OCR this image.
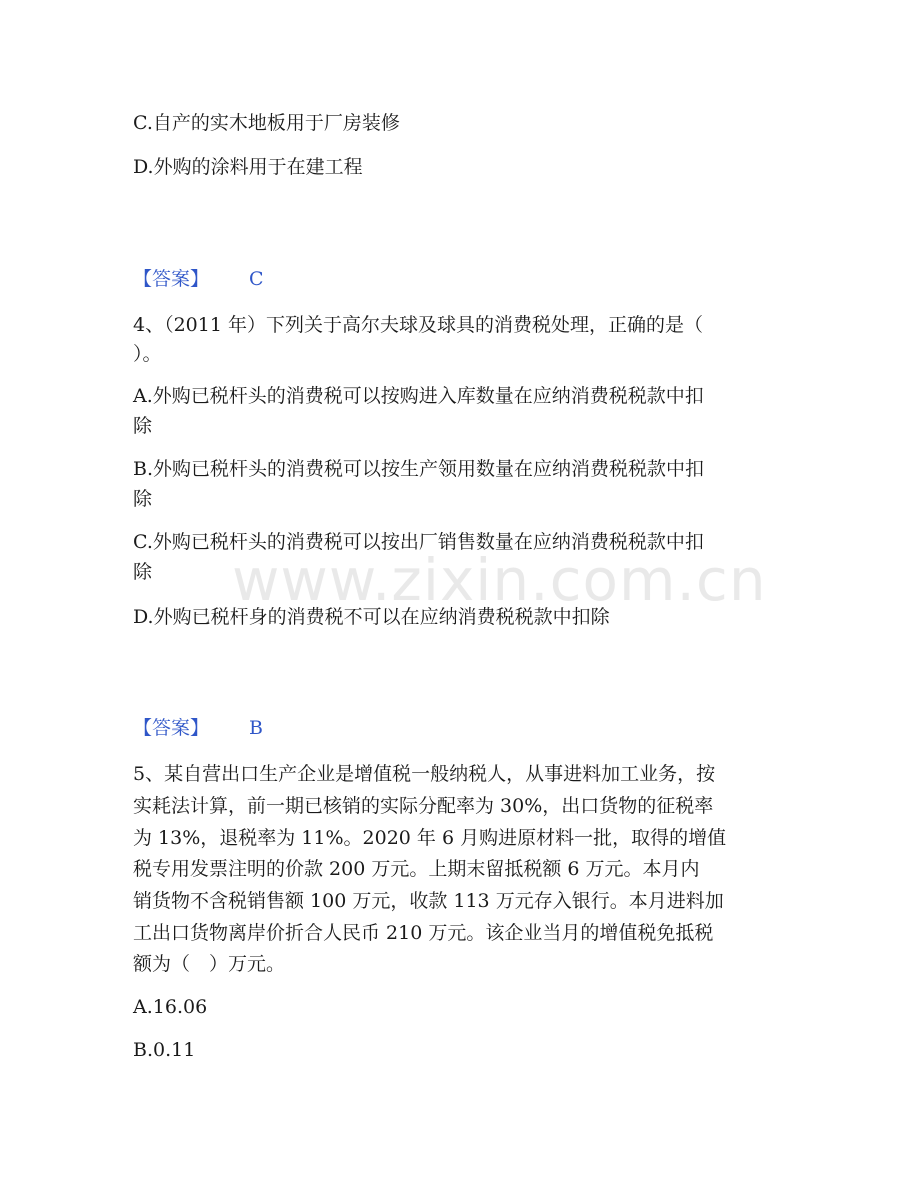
C.自产的实木地板用于厂房装修

D.外购的涂料用于在建工程

【答案】 C

4、（2011 年）下列关于高尔夫球及球具的消费税处理，正确的是（

）。

A.外购已税杆头的消费税可以按购进入库数量在应纳消费税税款中扣

除

B.外购已税杆头的消费税可以按生产领用数量在应纳消费税税款中扣

除

C.外购已税杆头的消费税可以按出厂销售数量在应纳消费税税款中扣

除

D.外购已税杆身的消费税不可以在应纳消费税税款中扣除

【答案】 B

5、某自营出口生产企业是增值税一般纳税人，从事进料加工业务，按

实耗法计算，前一期已核销的实际分配率为 30%，出口货物的征税率

为 13%，退税率为 11%。2020 年 6 月购进原材料一批，取得的增值

税专用发票注明的价款 200 万元。上期末留抵税额 6 万元。本月内

销货物不含税销售额 100 万元，收款 113 万元存入银行。本月进料加

工出口货物离岸价折合人民币 210 万元。该企业当月的增值税免抵税

额为（　）万元。

A.16.06

B.0.11

www.zixin.com.cn
